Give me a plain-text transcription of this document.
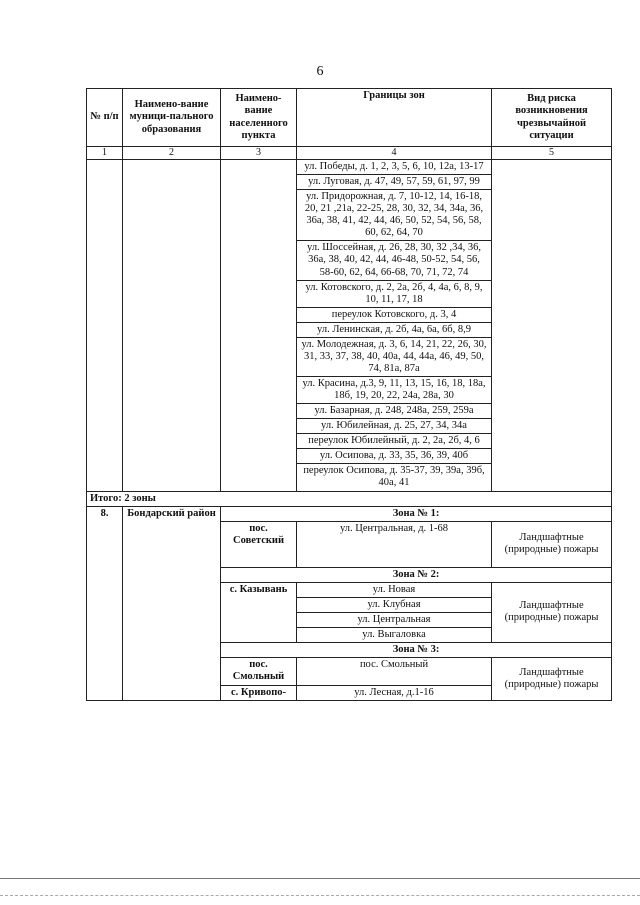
6
№ п/п	Наимено-вание муници-пального образования	Наимено-вание населенного пункта	Границы зон	Вид риска возникновения чрезвычайной ситуации
1	2	3	4	5
			ул. Победы, д. 1, 2, 3, 5, 6, 10, 12а, 13-17	
			ул. Луговая, д. 47, 49, 57, 59, 61, 97, 99	
			ул. Придорожная, д. 7, 10-12, 14, 16-18, 20, 21 ,21а, 22-25, 28, 30, 32, 34, 34а, 36, 36а, 38, 41, 42, 44, 46, 50, 52, 54, 56, 58, 60, 62, 64, 70	
			ул. Шоссейная, д. 26, 28, 30, 32 ,34, 36, 36а, 38, 40, 42, 44, 46-48, 50-52, 54, 56, 58-60, 62, 64, 66-68, 70, 71, 72, 74	
			ул. Котовского, д. 2, 2а, 2б, 4, 4а, 6, 8, 9, 10, 11, 17, 18	
			переулок Котовского, д. 3, 4	
			ул. Ленинская, д. 2б, 4а, 6а, 6б, 8,9	
			ул. Молодежная, д. 3, 6, 14, 21, 22, 26, 30, 31, 33, 37, 38, 40, 40а, 44, 44а, 46, 49, 50, 74, 81а, 87а	
			ул. Красина, д.3, 9, 11, 13, 15, 16, 18, 18а, 18б, 19, 20, 22, 24а, 28а, 30	
			ул. Базарная, д. 248, 248а, 259, 259а	
			ул. Юбилейная, д. 25, 27, 34, 34а	
			переулок Юбилейный, д. 2, 2а, 2б, 4, 6	
			ул. Осипова, д. 33, 35, 36, 39, 40б	
			переулок Осипова, д. 35-37, 39, 39а, 39б, 40а, 41	
Итого: 2 зоны				
8.	Бондарский район	Зона № 1:		
		пос. Советский	ул. Центральная, д. 1-68	Ландшафтные (природные) пожары
		Зона № 2:		
		с. Казывань	ул. Новая	Ландшафтные (природные) пожары
			ул. Клубная	
			ул. Центральная	
			ул. Выгаловка	
		Зона № 3:		
		пос. Смольный	пос. Смольный	Ландшафтные (природные) пожары
		с. Кривопо-	ул. Лесная, д.1-16	
